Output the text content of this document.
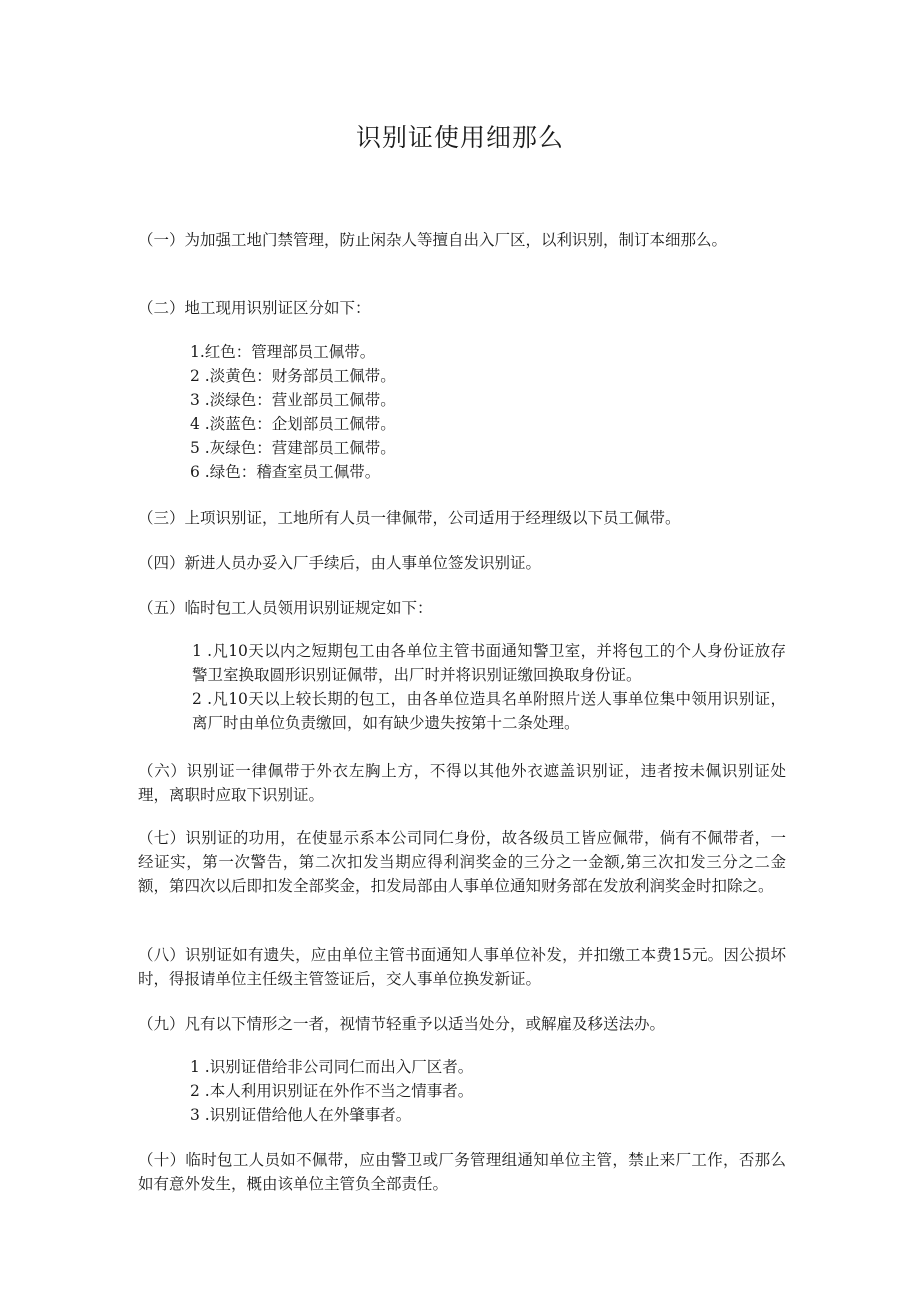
识别证使用细那么

（一）为加强工地门禁管理，防止闲杂人等擅自出入厂区，以利识别，制订本细那么。

（二）地工现用识别证区分如下：

1.红色：管理部员工佩带。
2 .淡黄色：财务部员工佩带。
3 .淡绿色：营业部员工佩带。
4 .淡蓝色：企划部员工佩带。
5 .灰绿色：营建部员工佩带。
6 .绿色：稽查室员工佩带。

（三）上项识别证，工地所有人员一律佩带，公司适用于经理级以下员工佩带。

（四）新进人员办妥入厂手续后，由人事单位签发识别证。

（五）临时包工人员领用识别证规定如下：

1 .凡10天以内之短期包工由各单位主管书面通知警卫室，并将包工的个人身份证放存警卫室换取圆形识别证佩带，出厂时并将识别证缴回换取身份证。
2 .凡10天以上较长期的包工，由各单位造具名单附照片送人事单位集中领用识别证，离厂时由单位负责缴回，如有缺少遗失按第十二条处理。

（六）识别证一律佩带于外衣左胸上方，不得以其他外衣遮盖识别证，违者按未佩识别证处理，离职时应取下识别证。

（七）识别证的功用，在使显示系本公司同仁身份，故各级员工皆应佩带，倘有不佩带者，一经证实，第一次警告，第二次扣发当期应得利润奖金的三分之一金额,第三次扣发三分之二金额，第四次以后即扣发全部奖金，扣发局部由人事单位通知财务部在发放利润奖金时扣除之。

（八）识别证如有遗失，应由单位主管书面通知人事单位补发，并扣缴工本费15元。因公损坏时，得报请单位主任级主管签证后，交人事单位换发新证。

（九）凡有以下情形之一者，视情节轻重予以适当处分，或解雇及移送法办。

1 .识别证借给非公司同仁而出入厂区者。
2 .本人利用识别证在外作不当之情事者。
3 .识别证借给他人在外肇事者。

（十）临时包工人员如不佩带，应由警卫或厂务管理组通知单位主管，禁止来厂工作，否那么如有意外发生，概由该单位主管负全部责任。
